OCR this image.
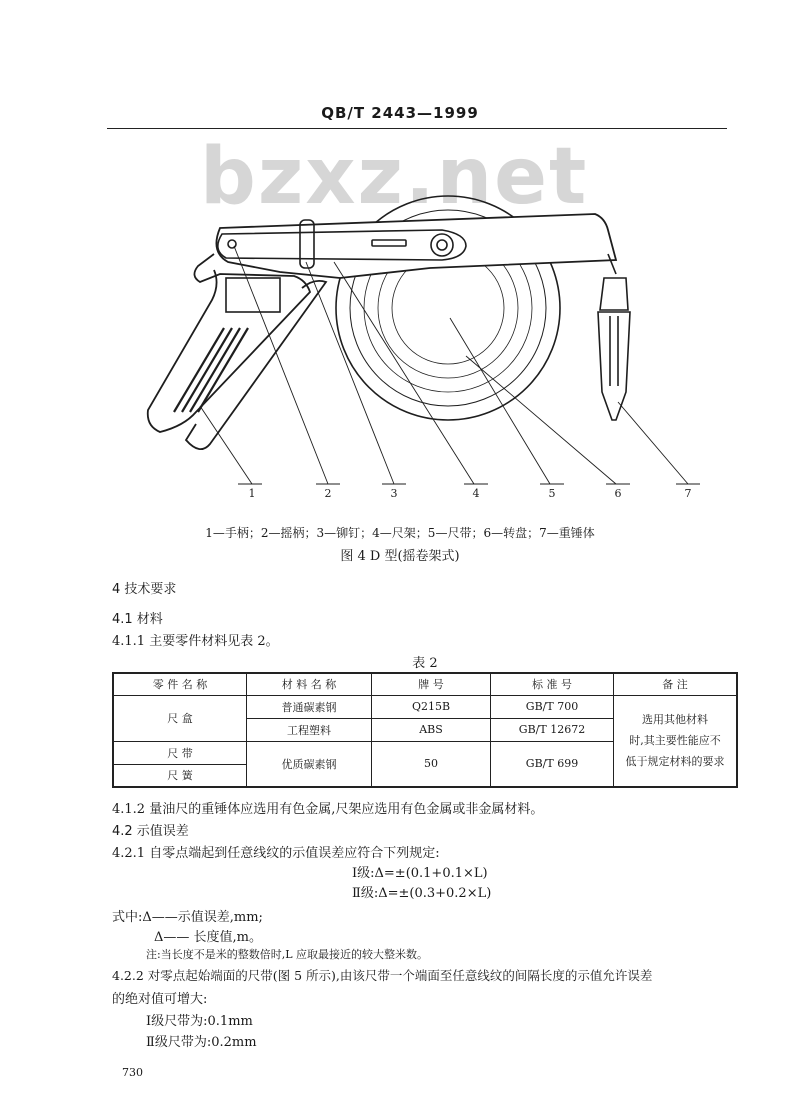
QB/T 2443—1999
bzxz.net
1	2	3	4	5	6	7
1—手柄；2—摇柄；3—铆钉；4—尺架；5—尺带；6—转盘；7—重锤体
图 4 D 型(摇卷架式)
4 技术要求
4.1 材料
4.1.1 主要零件材料见表 2。
表 2
零 件 名 称	材 料 名 称	牌 号	标 准 号	备 注
尺 盒	普通碳素钢	Q215B	GB/T 700	选用其他材料
时,其主要性能应不
低于规定材料的要求

	工程塑料	ABS	GB/T 12672	
尺 带	优质碳素钢	50	GB/T 699	
尺 簧				
4.1.2 量油尺的重锤体应选用有色金属,尺架应选用有色金属或非金属材料。
4.2 示值误差
4.2.1 自零点端起到任意线纹的示值误差应符合下列规定:
Ⅰ级:Δ=±(0.1+0.1×L)
Ⅱ级:Δ=±(0.3+0.2×L)
式中:Δ——示值误差,mm;
Δ—— 长度值,m。
注:当长度不是米的整数倍时,L 应取最接近的较大整米数。
4.2.2 对零点起始端面的尺带(图 5 所示),由该尺带一个端面至任意线纹的间隔长度的示值允许误差
的绝对值可增大:
Ⅰ级尺带为:0.1mm
Ⅱ级尺带为:0.2mm
730
